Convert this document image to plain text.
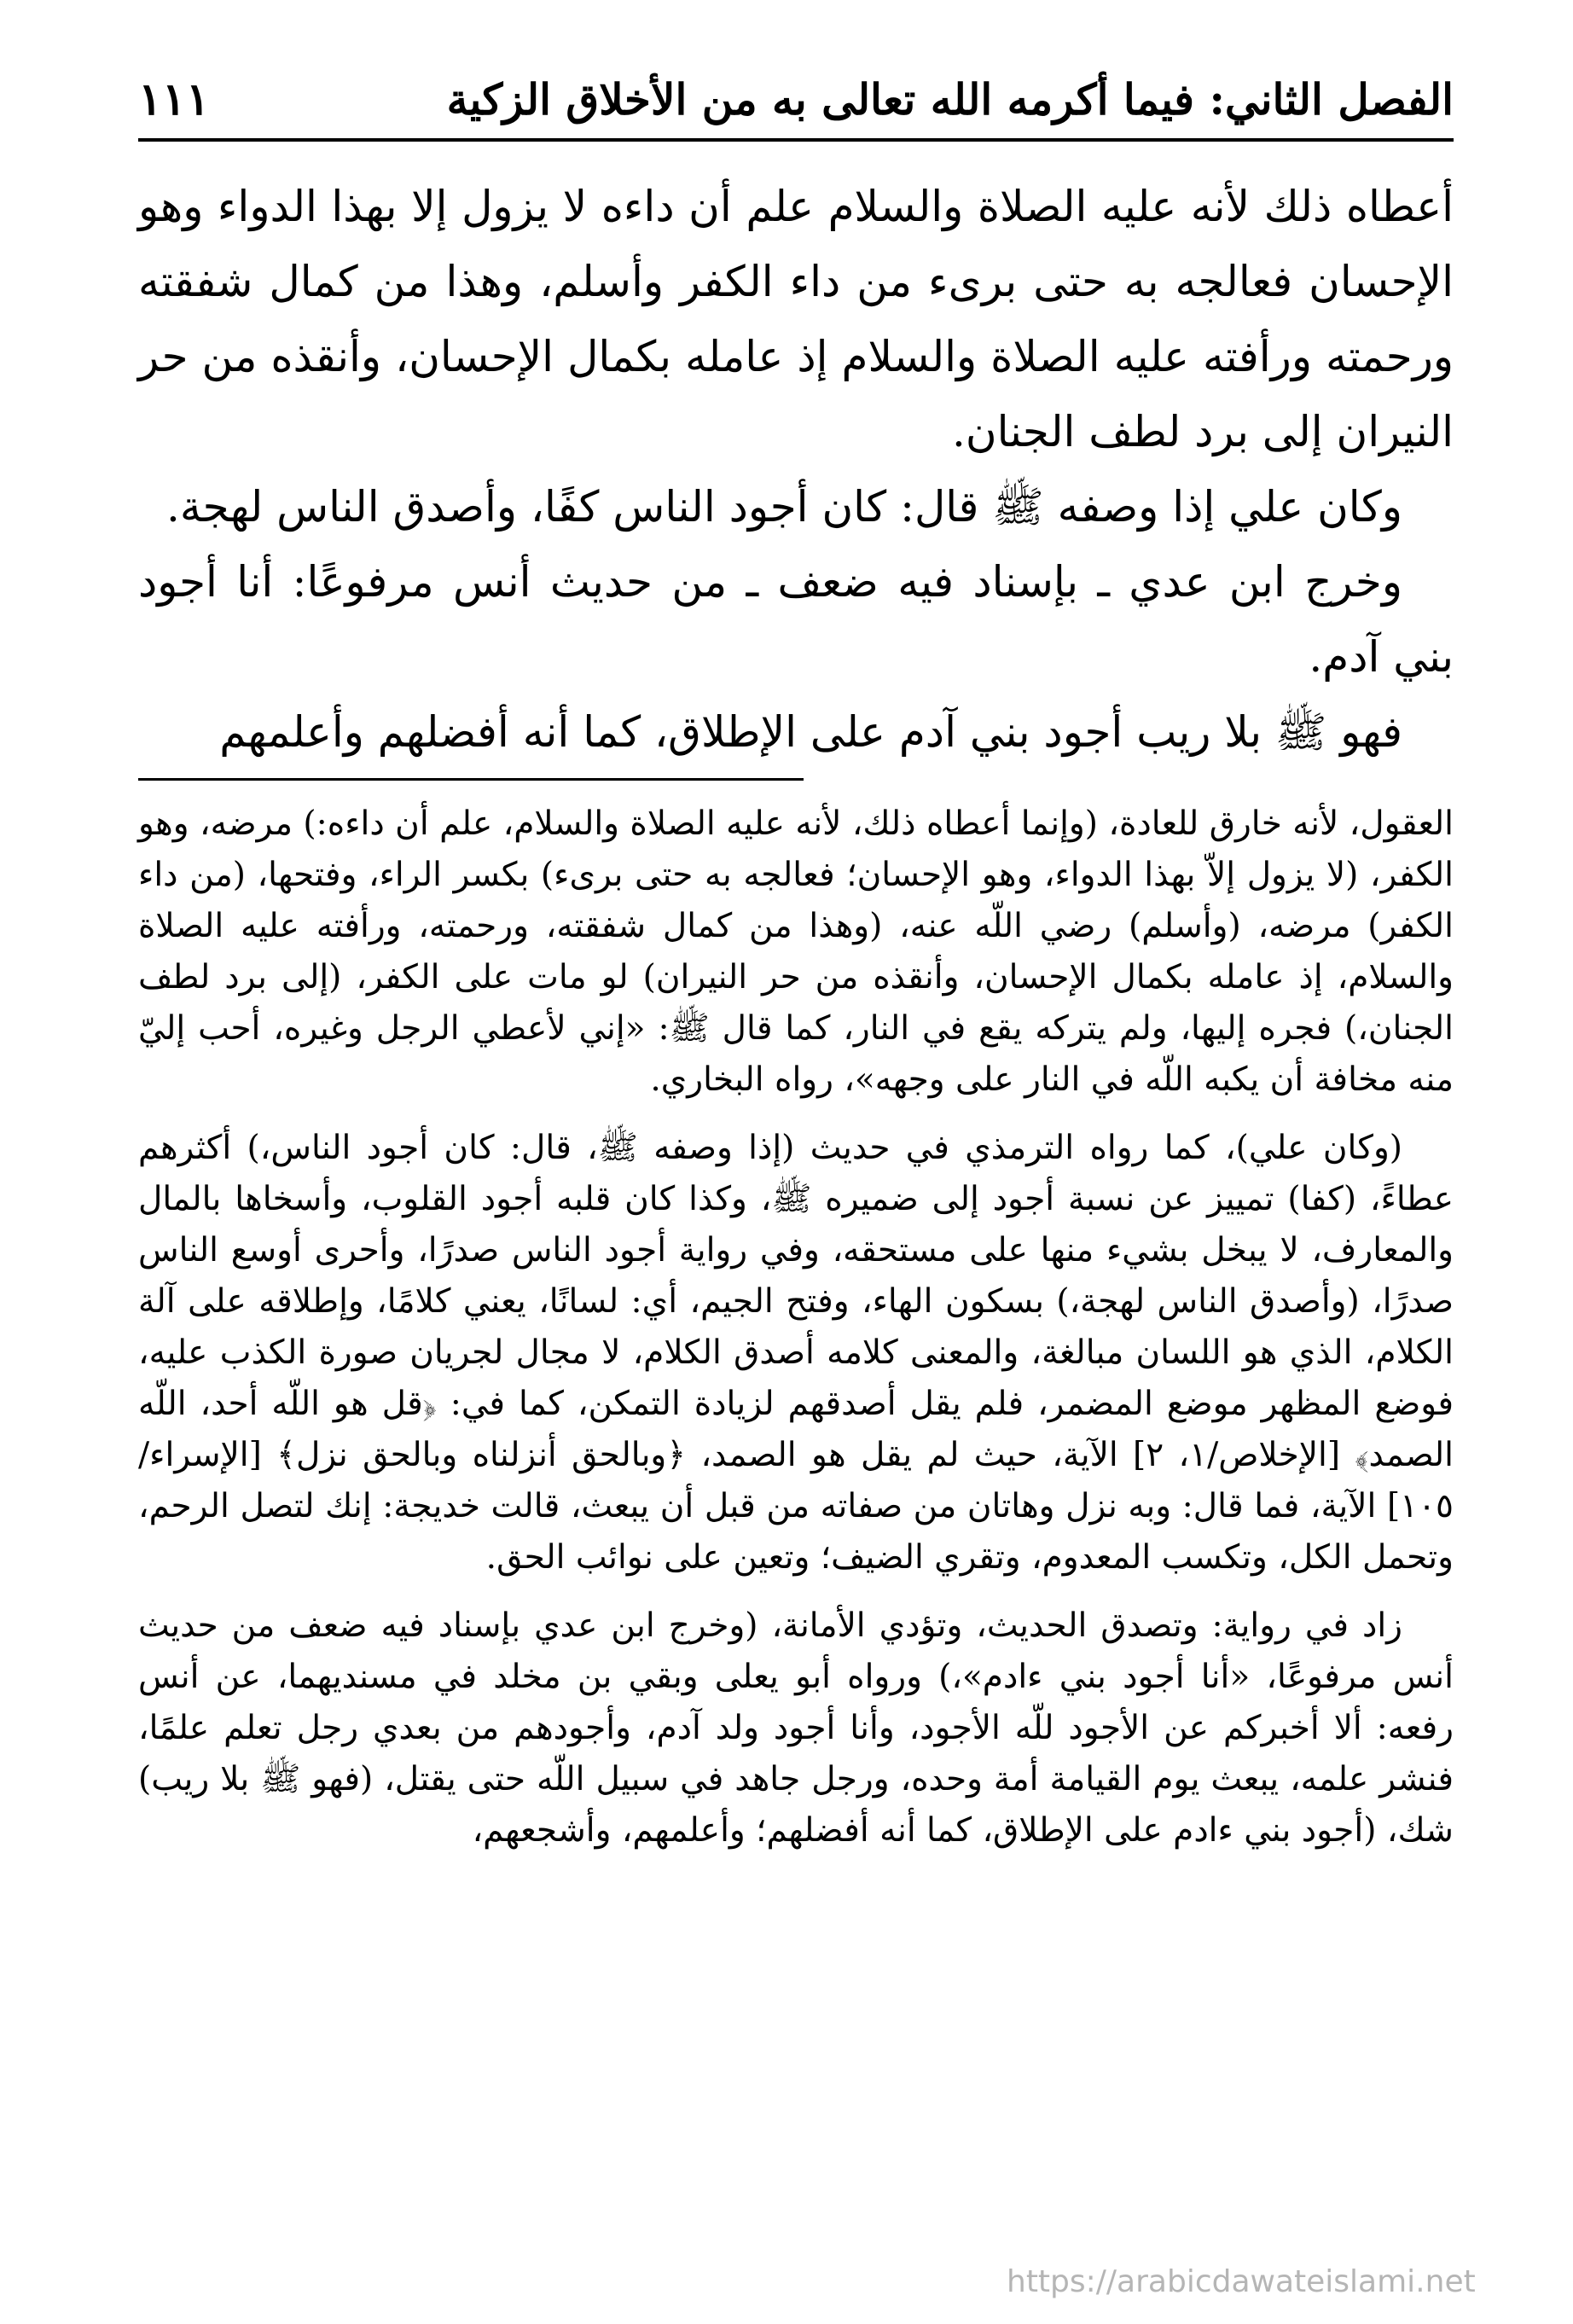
الفصل الثاني: فيما أكرمه الله تعالى به من الأخلاق الزكية
١١١

أعطاه ذلك لأنه عليه الصلاة والسلام علم أن داءه لا يزول إلا بهذا الدواء وهو الإحسان فعالجه به حتى برىء من داء الكفر وأسلم، وهذا من كمال شفقته ورحمته ورأفته عليه الصلاة والسلام إذ عامله بكمال الإحسان، وأنقذه من حر النيران إلى برد لطف الجنان.

وكان علي إذا وصفه ﷺ قال: كان أجود الناس كفًا، وأصدق الناس لهجة.

وخرج ابن عدي ـ بإسناد فيه ضعف ـ من حديث أنس مرفوعًا: أنا أجود بني آدم.

فهو ﷺ بلا ريب أجود بني آدم على الإطلاق، كما أنه أفضلهم وأعلمهم

العقول، لأنه خارق للعادة، (وإنما أعطاه ذلك، لأنه عليه الصلاة والسلام، علم أن داءه:) مرضه، وهو الكفر، (لا يزول إلاّ بهذا الدواء، وهو الإحسان؛ فعالجه به حتى برىء) بكسر الراء، وفتحها، (من داء الكفر) مرضه، (وأسلم) رضي اللّه عنه، (وهذا من كمال شفقته، ورحمته، ورأفته عليه الصلاة والسلام، إذ عامله بكمال الإحسان، وأنقذه من حر النيران) لو مات على الكفر، (إلى برد لطف الجنان،) فجره إليها، ولم يتركه يقع في النار، كما قال ﷺ: «إني لأعطي الرجل وغيره، أحب إليّ منه مخافة أن يكبه اللّه في النار على وجهه»، رواه البخاري.

(وكان علي)، كما رواه الترمذي في حديث (إذا وصفه ﷺ، قال: كان أجود الناس،) أكثرهم عطاءً، (كفا) تمييز عن نسبة أجود إلى ضميره ﷺ، وكذا كان قلبه أجود القلوب، وأسخاها بالمال والمعارف، لا يبخل بشيء منها على مستحقه، وفي رواية أجود الناس صدرًا، وأحرى أوسع الناس صدرًا، (وأصدق الناس لهجة،) بسكون الهاء، وفتح الجيم، أي: لسانًا، يعني كلامًا، وإطلاقه على آلة الكلام، الذي هو اللسان مبالغة، والمعنى كلامه أصدق الكلام، لا مجال لجريان صورة الكذب عليه، فوضع المظهر موضع المضمر، فلم يقل أصدقهم لزيادة التمكن، كما في: ﴿قل هو اللّه أحد، اللّه الصمد﴾ [الإخلاص/١، ٢] الآية، حيث لم يقل هو الصمد، ﴿وبالحق أنزلناه وبالحق نزل﴾ [الإسراء/ ١٠٥] الآية، فما قال: وبه نزل وهاتان من صفاته من قبل أن يبعث، قالت خديجة: إنك لتصل الرحم، وتحمل الكل، وتكسب المعدوم، وتقري الضيف؛ وتعين على نوائب الحق.

زاد في رواية: وتصدق الحديث، وتؤدي الأمانة، (وخرج ابن عدي بإسناد فيه ضعف من حديث أنس مرفوعًا، «أنا أجود بني ءادم»،) ورواه أبو يعلى وبقي بن مخلد في مسنديهما، عن أنس رفعه: ألا أخبركم عن الأجود للّه الأجود، وأنا أجود ولد آدم، وأجودهم من بعدي رجل تعلم علمًا، فنشر علمه، يبعث يوم القيامة أمة وحده، ورجل جاهد في سبيل اللّه حتى يقتل، (فهو ﷺ بلا ريب) شك، (أجود بني ءادم على الإطلاق، كما أنه أفضلهم؛ وأعلمهم، وأشجعهم،

https://arabicdawateislami.net
